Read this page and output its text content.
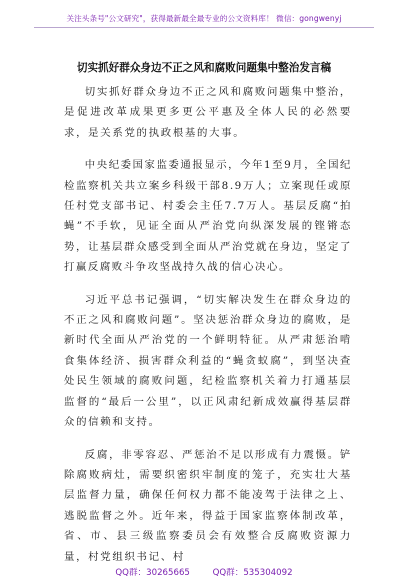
关注头条号"公文研究"，获得最新最全最专业的公文资料库！ 微信：gongwenyj
切实抓好群众身边不正之风和腐败问题集中整治发言稿

切实抓好群众身边不正之风和腐败问题集中整治，是促进改革成果更多更公平惠及全体人民的必然要求，是关系党的执政根基的大事。

中央纪委国家监委通报显示，今年1至9月，全国纪检监察机关共立案乡科级干部8.9万人；立案现任或原任村党支部书记、村委会主任7.7万人。基层反腐“拍蝇”不手软，见证全面从严治党向纵深发展的铿锵态势，让基层群众感受到全面从严治党就在身边，坚定了打赢反腐败斗争攻坚战持久战的信心决心。

习近平总书记强调，“切实解决发生在群众身边的不正之风和腐败问题”。坚决惩治群众身边的腐败，是新时代全面从严治党的一个鲜明特征。从严肃惩治啃食集体经济、损害群众利益的“蝇贪蚁腐”，到坚决查处民生领域的腐败问题，纪检监察机关着力打通基层监督的“最后一公里”，以正风肃纪新成效赢得基层群众的信赖和支持。

反腐，非零容忍、严惩治不足以形成有力震慑。铲除腐败病灶，需要织密织牢制度的笼子，充实壮大基层监督力量，确保任何权力都不能凌驾于法律之上、逃脱监督之外。近年来，得益于国家监察体制改革，省、市、县三级监察委员会有效整合反腐败资源力量，村党组织书记、村

QQ群：30265665	QQ群：535304092
